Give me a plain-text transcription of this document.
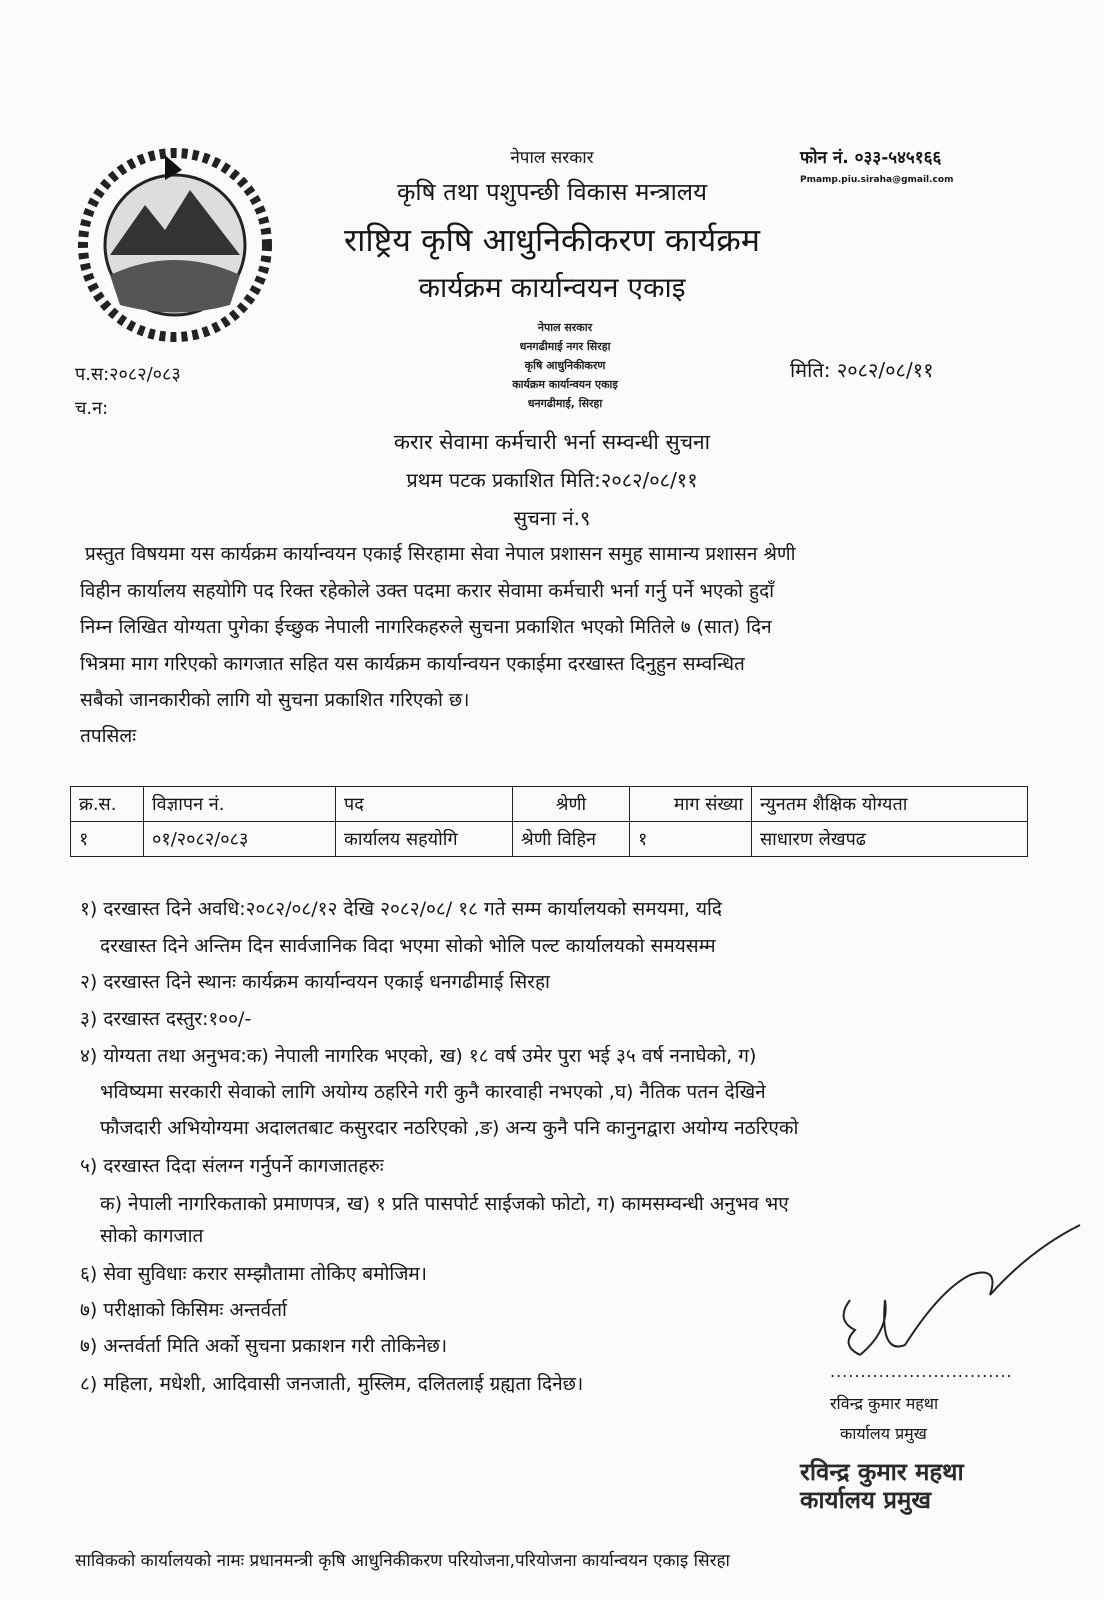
नेपाल सरकार
कृषि तथा पशुपन्छी विकास मन्त्रालय
राष्ट्रिय कृषि आधुनिकीकरण कार्यक्रम
कार्यक्रम कार्यान्वयन एकाइ
फोन नं. ०३३-५४५१६६
Pmamp.piu.siraha@gmail.com
प.स:२०८२/०८३
च.न:
मिति: २०८२/०८/११
नेपाल सरकार
धनगढीमाई नगर सिरहा
कृषि आधुनिकीकरण
कार्यक्रम कार्यान्वयन एकाइ
धनगढीमाई, सिरहा
करार सेवामा कर्मचारी भर्ना सम्वन्धी सुचना
प्रथम पटक प्रकाशित मिति:२०८२/०८/११
सुचना नं.९
प्रस्तुत विषयमा यस कार्यक्रम कार्यान्वयन एकाई सिरहामा सेवा नेपाल प्रशासन समुह सामान्य प्रशासन श्रेणी
विहीन कार्यालय सहयोगि पद रिक्त रहेकोले उक्त पदमा करार सेवामा कर्मचारी भर्ना गर्नु पर्ने भएको हुदाँ
निम्न लिखित योग्यता पुगेका ईच्छुक नेपाली नागरिकहरुले सुचना प्रकाशित भएको मितिले ७ (सात) दिन
भित्रमा माग गरिएको कागजात सहित यस कार्यक्रम कार्यान्वयन एकाईमा दरखास्त दिनुहुन सम्वन्धित
सबैको जानकारीको लागि यो सुचना प्रकाशित गरिएको छ।
तपसिलः
क्र.स.	विज्ञापन नं.	पद	श्रेणी	माग संख्या	न्युनतम शैक्षिक योग्यता
१	०१/२०८२/०८३	कार्यालय सहयोगि	श्रेणी विहिन	१	साधारण लेखपढ
१) दरखास्त दिने अवधि:२०८२/०८/१२ देखि २०८२/०८/ १८ गते सम्म कार्यालयको समयमा, यदि
दरखास्त दिने अन्तिम दिन सार्वजानिक विदा भएमा सोको भोलि पल्ट कार्यालयको समयसम्म
२) दरखास्त दिने स्थानः कार्यक्रम कार्यान्वयन एकाई धनगढीमाई सिरहा
३) दरखास्त दस्तुर:१००/-
४) योग्यता तथा अनुभव:क) नेपाली नागरिक भएको, ख) १८ वर्ष उमेर पुरा भई ३५ वर्ष ननाघेको, ग)
भविष्यमा सरकारी सेवाको लागि अयोग्य ठहरिने गरी कुनै कारवाही नभएको ,घ) नैतिक पतन देखिने
फौजदारी अभियोग्यमा अदालतबाट कसुरदार नठरिएको ,ङ) अन्य कुनै पनि कानुनद्वारा अयोग्य नठरिएको
५) दरखास्त दिदा संलग्न गर्नुपर्ने कागजातहरुः
क) नेपाली नागरिकताको प्रमाणपत्र, ख) १ प्रति पासपोर्ट साईजको फोटो, ग) कामसम्वन्धी अनुभव भए
सोको कागजात
६) सेवा सुविधाः करार सम्झौतामा तोकिए बमोजिम।
७) परीक्षाको किसिमः अन्तर्वर्ता
७) अन्तर्वर्ता मिति अर्को सुचना प्रकाशन गरी तोकिनेछ।
८) महिला, मधेशी, आदिवासी जनजाती, मुस्लिम, दलितलाई ग्रह्यता दिनेछ।
..............................
रविन्द्र कुमार महथा
कार्यालय प्रमुख
रविन्द्र कुमार महथा
कार्यालय प्रमुख
साविकको कार्यालयको नामः प्रधानमन्त्री कृषि आधुनिकीकरण परियोजना,परियोजना कार्यान्वयन एकाइ सिरहा
